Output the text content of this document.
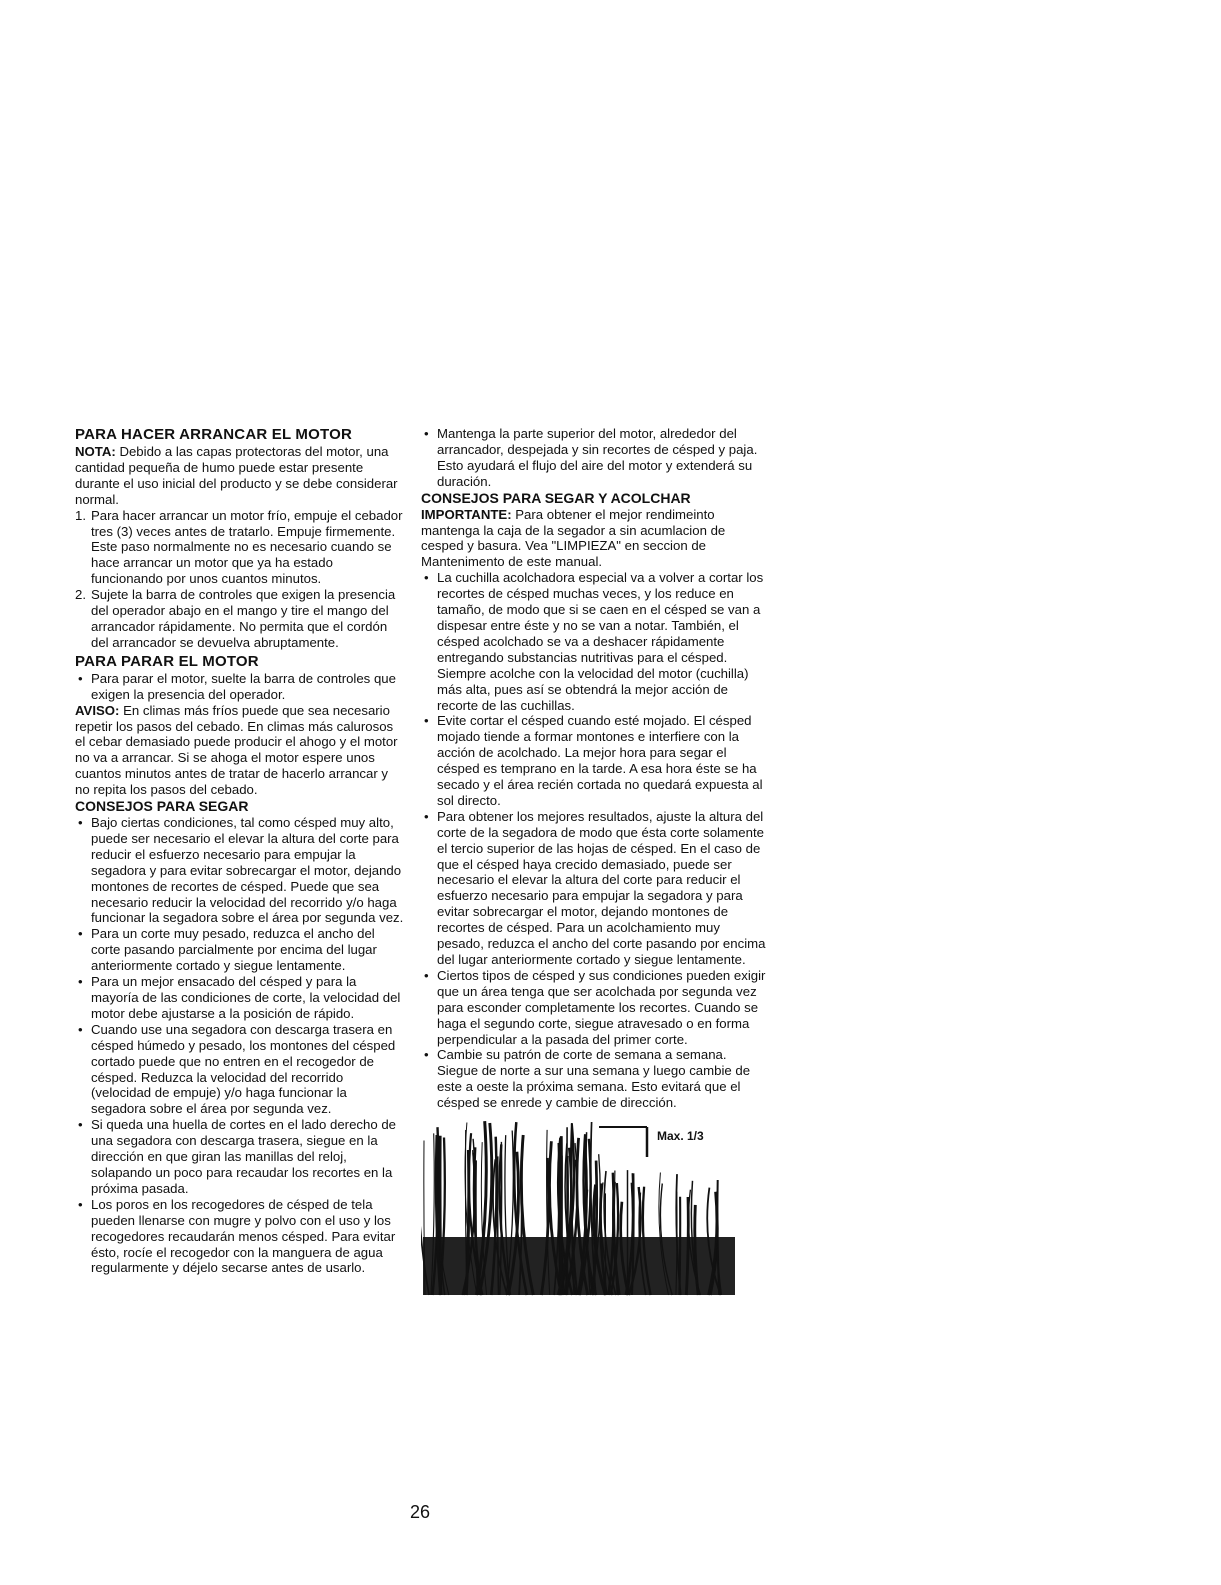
PARA HACER ARRANCAR EL MOTOR

NOTA: Debido a las capas protectoras del motor, una cantidad pequeña de humo puede estar presente durante el uso inicial del producto y se debe considerar normal.

1. Para hacer arrancar un motor frío, empuje el cebador tres (3) veces antes de tratarlo. Empuje firmemente. Este paso normalmente no es necesario cuando se hace arrancar un motor que ya ha estado funcionando por unos cuantos minutos.
2. Sujete la barra de controles que exigen la presencia del operador abajo en el mango y tire el mango del arrancador rápidamente. No permita que el cordón del arrancador se devuelva abruptamente.

PARA PARAR EL MOTOR

• Para parar el motor, suelte la barra de controles que exigen la presencia del operador.

AVISO: En climas más fríos puede que sea necesario repetir los pasos del cebado. En climas más calurosos el cebar demasiado puede producir el ahogo y el motor no va a arrancar. Si se ahoga el motor espere unos cuantos minutos antes de tratar de hacerlo arrancar y no repita los pasos del cebado.

CONSEJOS PARA SEGAR

• Bajo ciertas condiciones, tal como césped muy alto, puede ser necesario el elevar la altura del corte para reducir el esfuerzo necesario para empujar la segadora y para evitar sobrecargar el motor, dejando montones de recortes de césped. Puede que sea necesario reducir la velocidad del recorrido y/o haga funcionar la segadora sobre el área por segunda vez.
• Para un corte muy pesado, reduzca el ancho del corte pasando parcialmente por encima del lugar anteriormente cortado y siegue lentamente.
• Para un mejor ensacado del césped y para la mayoría de las condiciones de corte, la velocidad del motor debe ajustarse a la posición de rápido.
• Cuando use una segadora con descarga trasera en césped húmedo y pesado, los montones del césped cortado puede que no entren en el recogedor de césped. Reduzca la velocidad del recorrido (velocidad de empuje) y/o haga funcionar la segadora sobre el área por segunda vez.
• Si queda una huella de cortes en el lado derecho de una segadora con descarga trasera, siegue en la dirección en que giran las manillas del reloj, solapando un poco para recaudar los recortes en la próxima pasada.
• Los poros en los recogedores de césped de tela pueden llenarse con mugre y polvo con el uso y los recogedores recaudarán menos césped. Para evitar ésto, rocíe el recogedor con la manguera de agua regularmente y déjelo secarse antes de usarlo.
• Mantenga la parte superior del motor, alrededor del arrancador, despejada y sin recortes de césped y paja. Esto ayudará el flujo del aire del motor y extenderá su duración.

CONSEJOS PARA SEGAR Y ACOLCHAR

IMPORTANTE: Para obtener el mejor rendimeinto mantenga la caja de la segador a sin acumlacion de cesped y basura. Vea "LIMPIEZA" en seccion de Mantenimento de este manual.

• La cuchilla acolchadora especial va a volver a cortar los recortes de césped muchas veces, y los reduce en tamaño, de modo que si se caen en el césped se van a dispesar entre éste y no se van a notar. También, el césped acolchado se va a deshacer rápidamente entregando substancias nutritivas para el césped. Siempre acolche con la velocidad del motor (cuchilla) más alta, pues así se obtendrá la mejor acción de recorte de las cuchillas.
• Evite cortar el césped cuando esté mojado. El césped mojado tiende a formar montones e interfiere con la acción de acolchado. La mejor hora para segar el césped es temprano en la tarde. A esa hora éste se ha secado y el área recién cortada no quedará expuesta al sol directo.
• Para obtener los mejores resultados, ajuste la altura del corte de la segadora de modo que ésta corte solamente el tercio superior de las hojas de césped. En el caso de que el césped haya crecido demasiado, puede ser necesario el elevar la altura del corte para reducir el esfuerzo necesario para empujar la segadora y para evitar sobrecargar el motor, dejando montones de recortes de césped. Para un acolchamiento muy pesado, reduzca el ancho del corte pasando por encima del lugar anteriormente cortado y siegue lentamente.
• Ciertos tipos de césped y sus condiciones pueden exigir que un área tenga que ser acolchada por segunda vez para esconder completamente los recortes. Cuando se haga el segundo corte, siegue atravesado o en forma perpendicular a la pasada del primer corte.
• Cambie su patrón de corte de semana a semana. Siegue de norte a sur una semana y luego cambie de este a oeste la próxima semana. Esto evitará que el césped se enrede y cambie de dirección.
Max. 1/3
26
